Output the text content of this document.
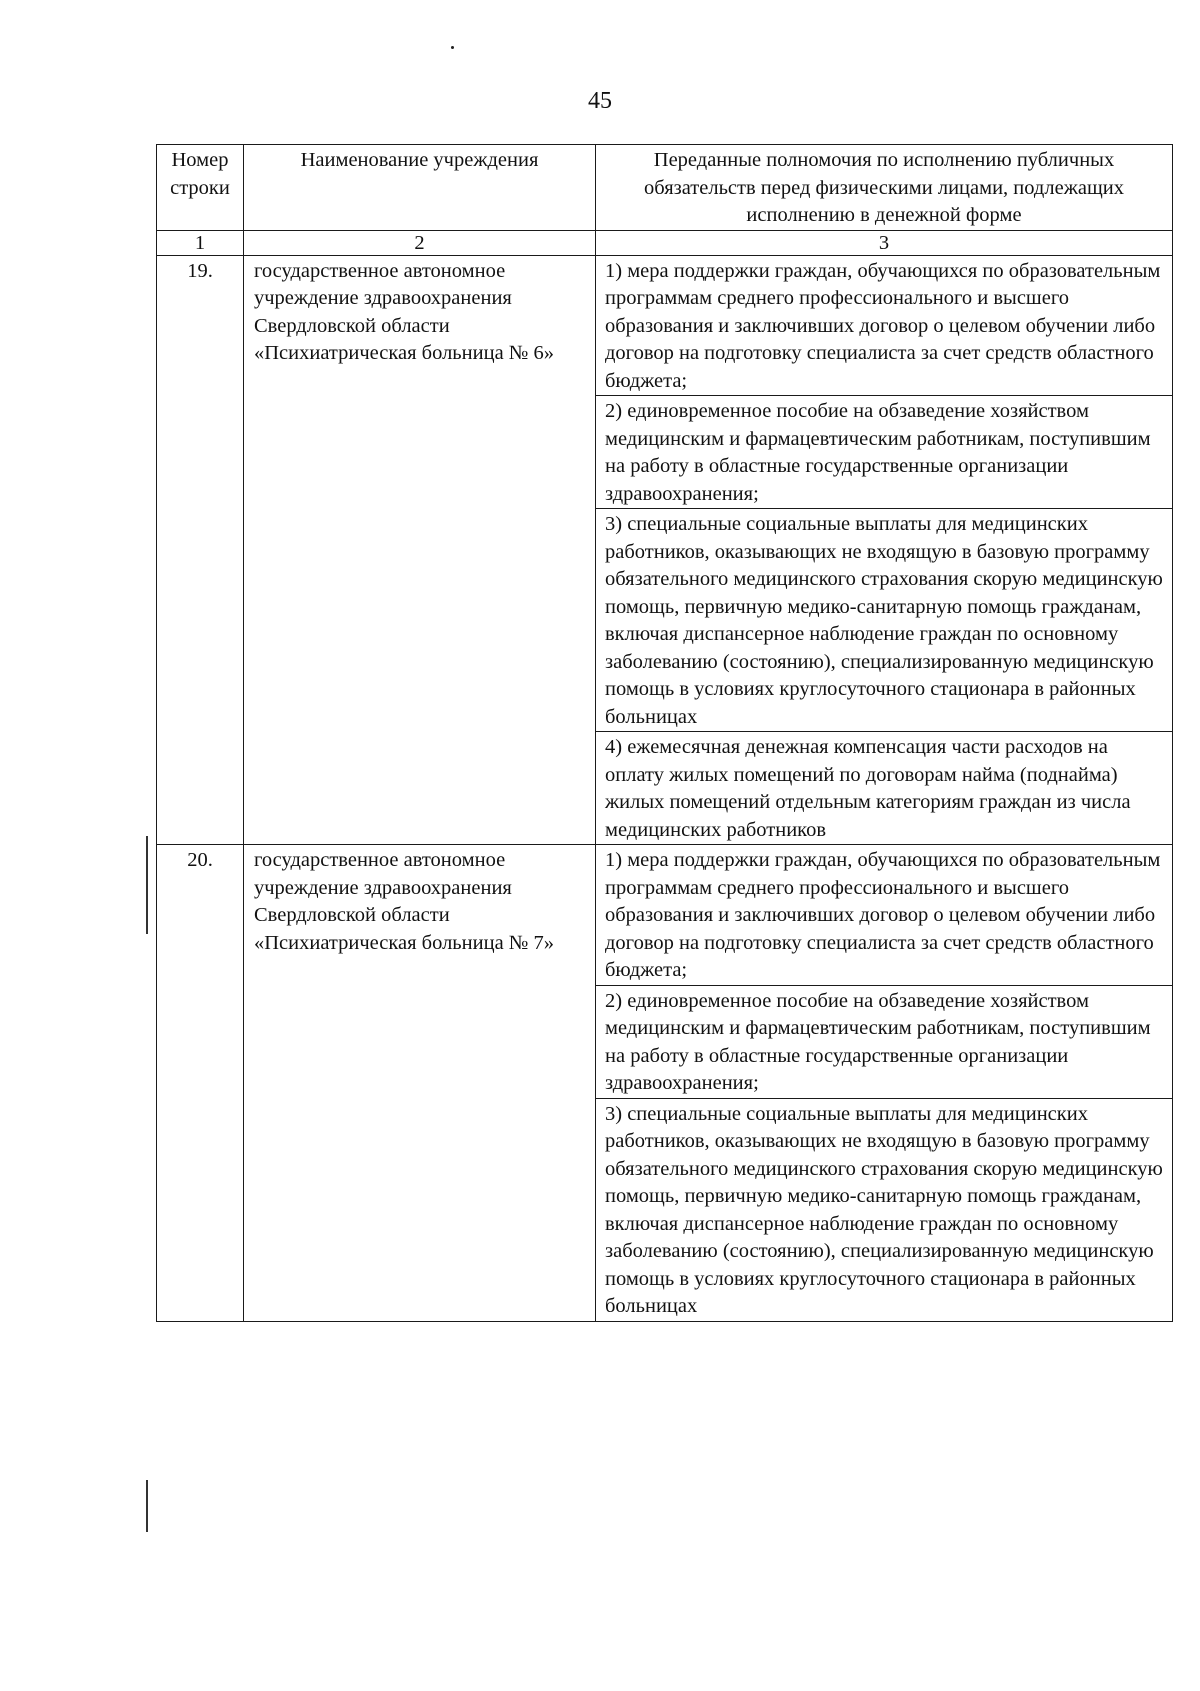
45
Номер строки	Наименование учреждения	Переданные полномочия по исполнению публичных обязательств перед физическими лицами, подлежащих исполнению в денежной форме
1	2	3
19.	государственное автономное учреждение здравоохранения Свердловской области «Психиатрическая больница № 6»	1) мера поддержки граждан, обучающихся по образовательным программам среднего профессионального и высшего образования и заключивших договор о целевом обучении либо договор на подготовку специалиста за счет средств областного бюджета;
		2) единовременное пособие на обзаведение хозяйством медицинским и фармацевтическим работникам, поступившим на работу в областные государственные организации здравоохранения;
		3) специальные социальные выплаты для медицинских работников, оказывающих не входящую в базовую программу обязательного медицинского страхования скорую медицинскую помощь, первичную медико-санитарную помощь гражданам, включая диспансерное наблюдение граждан по основному заболеванию (состоянию), специализированную медицинскую помощь в условиях круглосуточного стационара в районных больницах
		4) ежемесячная денежная компенсация части расходов на оплату жилых помещений по договорам найма (поднайма) жилых помещений отдельным категориям граждан из числа медицинских работников
20.	государственное автономное учреждение здравоохранения Свердловской области «Психиатрическая больница № 7»	1) мера поддержки граждан, обучающихся по образовательным программам среднего профессионального и высшего образования и заключивших договор о целевом обучении либо договор на подготовку специалиста за счет средств областного бюджета;
		2) единовременное пособие на обзаведение хозяйством медицинским и фармацевтическим работникам, поступившим на работу в областные государственные организации здравоохранения;
		3) специальные социальные выплаты для медицинских работников, оказывающих не входящую в базовую программу обязательного медицинского страхования скорую медицинскую помощь, первичную медико-санитарную помощь гражданам, включая диспансерное наблюдение граждан по основному заболеванию (состоянию), специализированную медицинскую помощь в условиях круглосуточного стационара в районных больницах
